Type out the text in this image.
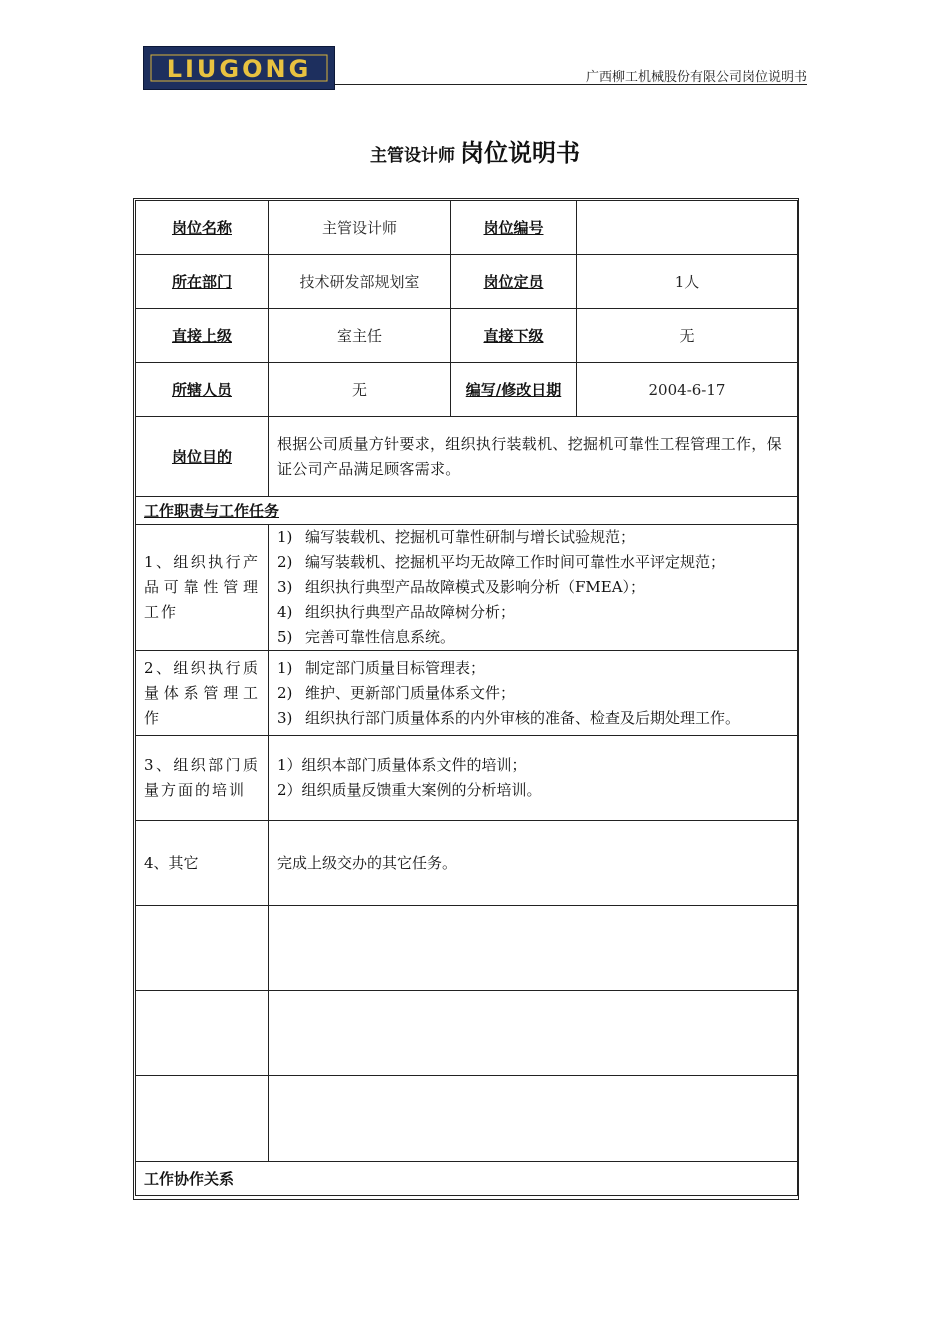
LIUGONG	广西柳工机械股份有限公司岗位说明书
主管设计师 岗位说明书
岗位名称	主管设计师	岗位编号	
所在部门	技术研发部规划室	岗位定员	1人
直接上级	室主任	直接下级	无
所辖人员	无	编写/修改日期	2004-6-17
岗位目的	根据公司质量方针要求，组织执行装载机、挖掘机可靠性工程管理工作，保证公司产品满足顾客需求。		
工作职责与工作任务			
1、组织执行产品可靠性管理工作	1) 编写装载机、挖掘机可靠性研制与增长试验规范；
2) 编写装载机、挖掘机平均无故障工作时间可靠性水平评定规范；
3) 组织执行典型产品故障模式及影响分析（FMEA）；
4) 组织执行典型产品故障树分析；
5) 完善可靠性信息系统。		

2、组织执行质量体系管理工作	1) 制定部门质量目标管理表；
2) 维护、更新部门质量体系文件；
3) 组织执行部门质量体系的内外审核的准备、检查及后期处理工作。		

3、组织部门质量方面的培训	1）组织本部门质量体系文件的培训；
2）组织质量反馈重大案例的分析培训。		

4、其它	完成上级交办的其它任务。		

工作协作关系			
